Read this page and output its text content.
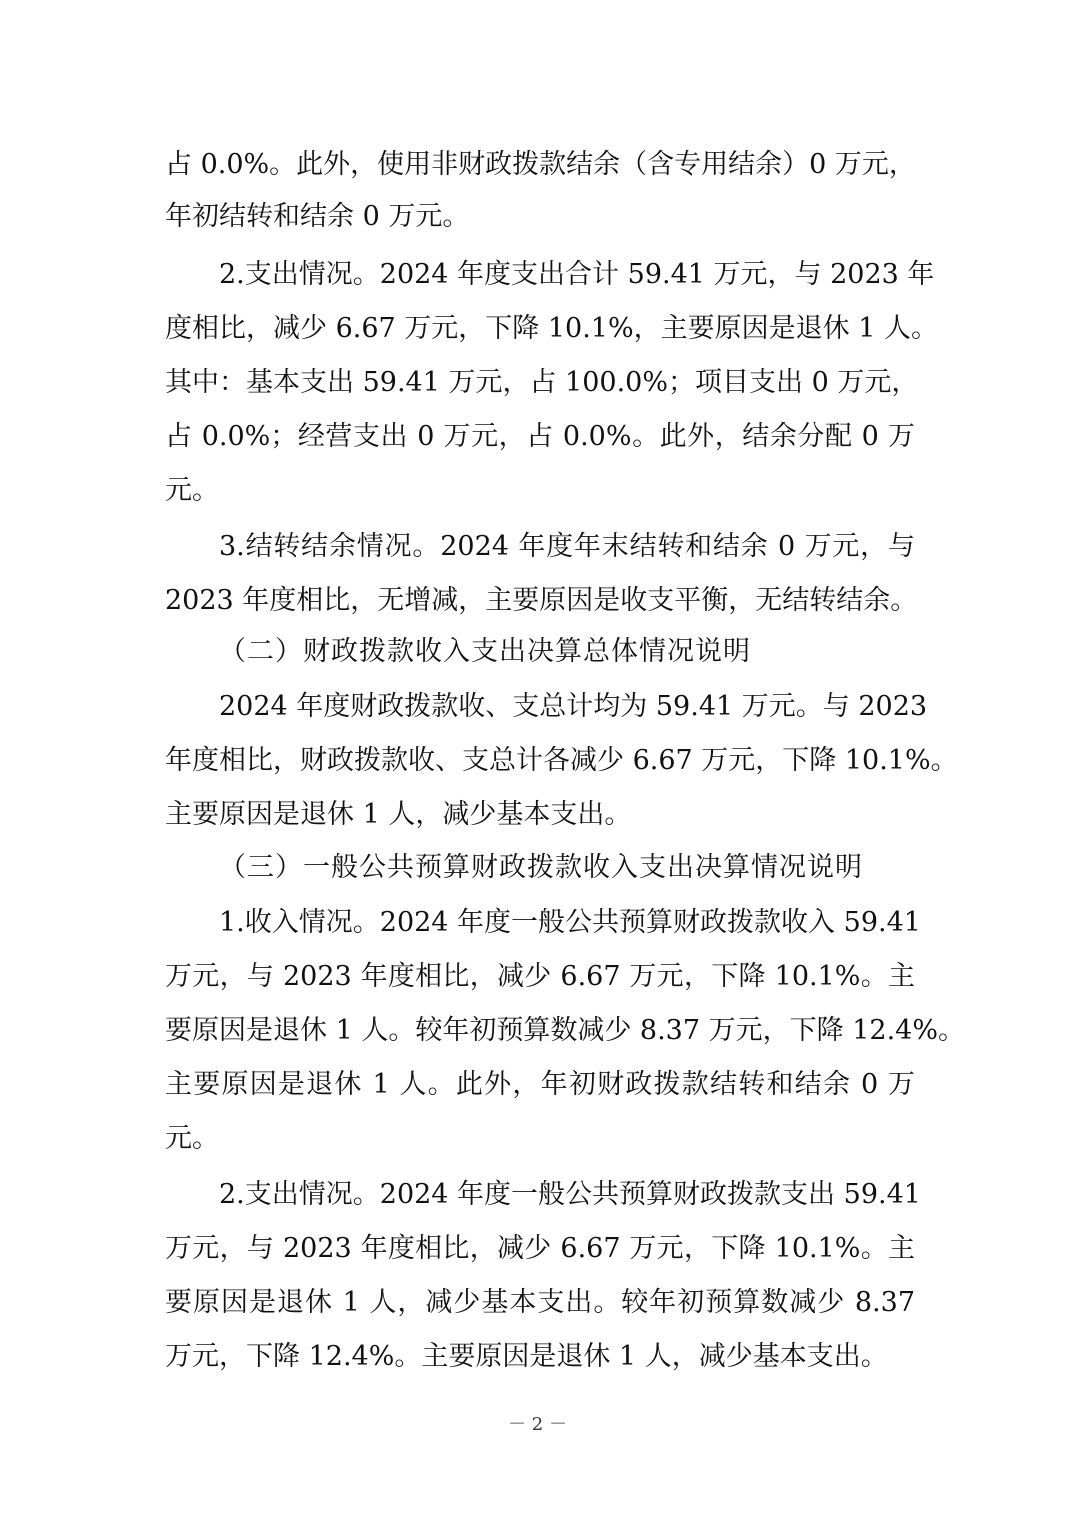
占 0.0%。此外，使用非财政拨款结余（含专用结余）0 万元，
年初结转和结余 0 万元。
2.支出情况。2024 年度支出合计 59.41 万元，与 2023 年
度相比，减少 6.67 万元，下降 10.1%，主要原因是退休 1 人。
其中：基本支出 59.41 万元，占 100.0%；项目支出 0 万元，
占 0.0%；经营支出 0 万元，占 0.0%。此外，结余分配 0 万
元。
3.结转结余情况。2024 年度年末结转和结余 0 万元，与
2023 年度相比，无增减，主要原因是收支平衡，无结转结余。
（二）财政拨款收入支出决算总体情况说明
2024 年度财政拨款收、支总计均为 59.41 万元。与 2023
年度相比，财政拨款收、支总计各减少 6.67 万元，下降 10.1%。
主要原因是退休 1 人，减少基本支出。
（三）一般公共预算财政拨款收入支出决算情况说明
1.收入情况。2024 年度一般公共预算财政拨款收入 59.41
万元，与 2023 年度相比，减少 6.67 万元，下降 10.1%。主
要原因是退休 1 人。较年初预算数减少 8.37 万元，下降 12.4%。
主要原因是退休 1 人。此外，年初财政拨款结转和结余 0 万
元。
2.支出情况。2024 年度一般公共预算财政拨款支出 59.41
万元，与 2023 年度相比，减少 6.67 万元，下降 10.1%。主
要原因是退休 1 人，减少基本支出。较年初预算数减少 8.37
万元，下降 12.4%。主要原因是退休 1 人，减少基本支出。
－ 2 －
